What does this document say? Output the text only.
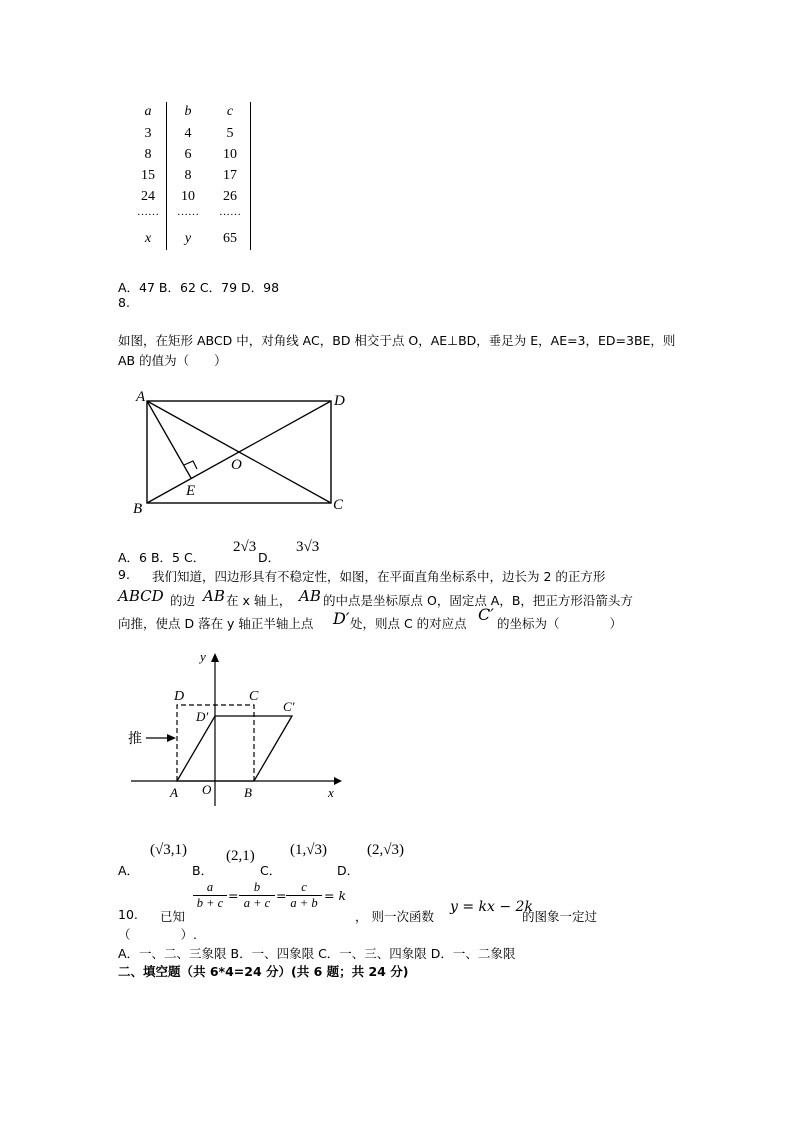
a	b	c
3	4	5
8	6	10
15	8	17
24	10	26
……	……	……
x	y	65
A．47 B．62 C．79 D．98
8.
如图，在矩形 ABCD 中，对角线 AC，BD 相交于点 O，AE⊥BD，垂足为 E，AE=3，ED=3BE，则
AB 的值为（　　）
A	D
B	C
O
E
A．6 B．5 C．
2√3
D．
3√3
9. 我们知道，四边形具有不稳定性，如图，在平面直角坐标系中，边长为 2 的正方形
ABCD 的边 AB 在 x 轴上， AB 的中点是坐标原点 O，固定点 A，B，把正方形沿箭头方
向推，使点 D 落在 y 轴正半轴上点 D′ 处，则点 C 的对应点 C′ 的坐标为（　　　　）
y
x
D	C
D′
C′
A O	B
推
A．
(√3,1)
B．
(2,1)
C．
(1,√3)
D．
(2,√3)
10. 已知
$\frac{a}{b + c} = \frac{b}{a + c} = \frac{c}{a + b} = k$
， 则一次函数
y = kx − 2k
的图象一定过
（　　　　）.
A．一、二、三象限 B．一、四象限 C．一、三、四象限 D．一、二象限
二、填空题（共 6*4=24 分）(共 6 题；共 24 分)
